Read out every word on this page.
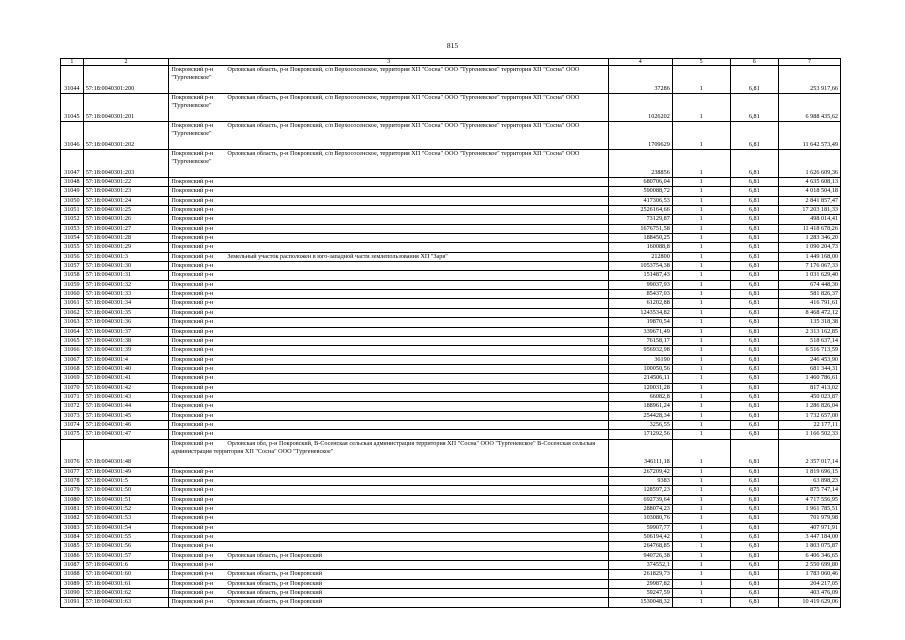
815
1	2	3	4	5	6	7
31044	57:18:0040301:200	Покровский р-н Орловская область, р-н Покровский, с/п Верхососенское, территория ХП "Сосна" ООО "Тургеневское" территория ХП "Сосна" ООО "Тургеневское"	37286	1	6,81	253 917,66
31045	57:18:0040301:201	Покровский р-н Орловская область, р-н Покровский, с/п Верхососенское, территория ХП "Сосна" ООО "Тургеневское" территория ХП "Сосна" ООО "Тургеневское"	1026202	1	6,81	6 988 435,62
31046	57:18:0040301:202	Покровский р-н Орловская область, р-н Покровский, с/п Верхососенское, территория ХП "Сосна" ООО "Тургеневское" территория ХП "Сосна" ООО "Тургеневское"	1709629	1	6,81	11 642 573,49
31047	57:18:0040301:203	Покровский р-н Орловская область, р-н Покровский, с/п Верхососенское, территория ХП "Сосна" ООО "Тургеневское" территория ХП "Сосна" ООО "Тургеневское"	238856	1	6,81	1 626 609,36
31048	57:18:0040301:22	Покровский р-н	680706,04	1	6,81	4 635 608,13
31049	57:18:0040301:23	Покровский р-н	590088,72	1	6,81	4 018 504,18
31050	57:18:0040301:24	Покровский р-н	417306,53	1	6,81	2 841 857,47
31051	57:18:0040301:25	Покровский р-н	2526164,66	1	6,81	17 203 181,33
31052	57:18:0040301:26	Покровский р-н	73129,87	1	6,81	498 014,41
31053	57:18:0040301:27	Покровский р-н	1676751,58	1	6,81	11 418 678,26
31054	57:18:0040301:28	Покровский р-н	188450,25	1	6,81	1 283 346,20
31055	57:18:0040301:29	Покровский р-н	160088,8	1	6,81	1 090 204,73
31056	57:18:0040301:3	Покровский р-н Земельный участок расположен в юго-западной части землепользования ХП "Заря"	212800	1	6,81	1 449 168,00
31057	57:18:0040301:30	Покровский р-н	1053754,38	1	6,81	7 176 067,33
31058	57:18:0040301:31	Покровский р-н	151487,43	1	6,81	1 031 629,40
31059	57:18:0040301:32	Покровский р-н	99037,93	1	6,81	674 448,30
31060	57:18:0040301:33	Покровский р-н	85437,03	1	6,81	581 826,37
31061	57:18:0040301:34	Покровский р-н	61202,88	1	6,81	416 791,61
31062	57:18:0040301:35	Покровский р-н	1243534,82	1	6,81	8 468 472,12
31063	57:18:0040301:36	Покровский р-н	19870,54	1	6,81	135 318,38
31064	57:18:0040301:37	Покровский р-н	339671,49	1	6,81	2 313 162,85
31065	57:18:0040301:38	Покровский р-н	76158,17	1	6,81	518 637,14
31066	57:18:0040301:39	Покровский р-н	956932,98	1	6,81	6 516 713,59
31067	57:18:0040301:4	Покровский р-н	36190	1	6,81	246 453,90
31068	57:18:0040301:40	Покровский р-н	100050,56	1	6,81	681 344,31
31069	57:18:0040301:41	Покровский р-н	214506,11	1	6,81	1 460 786,61
31070	57:18:0040301:42	Покровский р-н	120031,28	1	6,81	817 413,02
31071	57:18:0040301:43	Покровский р-н	66082,8	1	6,81	450 023,87
31072	57:18:0040301:44	Покровский р-н	188961,24	1	6,81	1 286 826,04
31073	57:18:0040301:45	Покровский р-н	254428,34	1	6,81	1 732 657,00
31074	57:18:0040301:46	Покровский р-н	3256,55	1	6,81	22 177,11
31075	57:18:0040301:47	Покровский р-н	171292,56	1	6,81	1 166 502,33
31076	57:18:0040301:48	Покровский р-н Орловская обл, р-н Покровский, В-Сосенская сельская администрация территория ХП "Сосна" ООО "Тургеневское" В-Сосенская сельская администрация территория ХП "Сосна" ООО "Тургеневское"	346111,18	1	6,81	2 357 017,14
31077	57:18:0040301:49	Покровский р-н	267209,42	1	6,81	1 819 696,15
31078	57:18:0040301:5	Покровский р-н	9383	1	6,81	63 898,23
31079	57:18:0040301:50	Покровский р-н	128597,23	1	6,81	875 747,14
31080	57:18:0040301:51	Покровский р-н	692739,64	1	6,81	4 717 556,95
31081	57:18:0040301:52	Покровский р-н	288074,23	1	6,81	1 961 785,51
31082	57:18:0040301:53	Покровский р-н	103080,76	1	6,81	701 979,98
31083	57:18:0040301:54	Покровский р-н	59907,77	1	6,81	407 971,91
31084	57:18:0040301:55	Покровский р-н	506194,42	1	6,81	3 447 184,00
31085	57:18:0040301:56	Покровский р-н	264768,85	1	6,81	1 803 075,87
31086	57:18:0040301:57	Покровский р-н Орловская область, р-н Покровский	940726,38	1	6,81	6 406 346,65
31087	57:18:0040301:6	Покровский р-н	374552,1	1	6,81	2 550 699,80
31088	57:18:0040301:60	Покровский р-н Орловская область, р-н Покровский	261829,73	1	6,81	1 783 060,46
31089	57:18:0040301:61	Покровский р-н Орловская область, р-н Покровский	29987,82	1	6,81	204 217,05
31090	57:18:0040301:62	Покровский р-н Орловская область, р-н Покровский	59247,59	1	6,81	403 476,09
31091	57:18:0040301:63	Покровский р-н Орловская область, р-н Покровский	1530048,32	1	6,81	10 419 629,06
